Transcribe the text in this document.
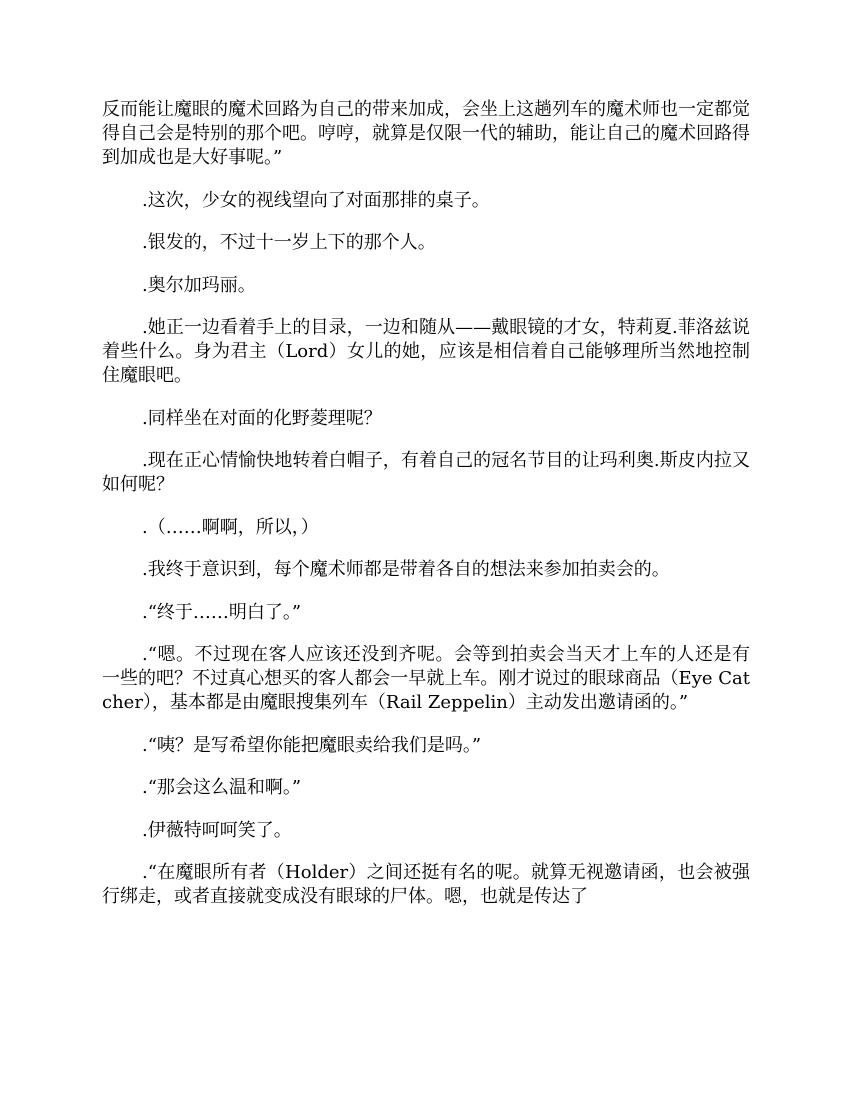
反而能让魔眼的魔术回路为自己的带来加成，会坐上这趟列车的魔术师也一定都觉得自己会是特别的那个吧。哼哼，就算是仅限一代的辅助，能让自己的魔术回路得到加成也是大好事呢。”

.这次，少女的视线望向了对面那排的桌子。

.银发的，不过十一岁上下的那个人。

.奥尔加玛丽。

.她正一边看着手上的目录，一边和随从——戴眼镜的才女，特莉夏.菲洛兹说着些什么。身为君主（Lord）女儿的她，应该是相信着自己能够理所当然地控制住魔眼吧。

.同样坐在对面的化野菱理呢？

.现在正心情愉快地转着白帽子，有着自己的冠名节目的让玛利奥.斯皮内拉又如何呢？

.（……啊啊，所以，）

.我终于意识到，每个魔术师都是带着各自的想法来参加拍卖会的。

.“终于……明白了。”

.“嗯。不过现在客人应该还没到齐呢。会等到拍卖会当天才上车的人还是有一些的吧？不过真心想买的客人都会一早就上车。刚才说过的眼球商品（Eye Catcher），基本都是由魔眼搜集列车（Rail Zeppelin）主动发出邀请函的。”

.“咦？是写希望你能把魔眼卖给我们是吗。”

.“那会这么温和啊。”

.伊薇特呵呵笑了。

.“在魔眼所有者（Holder）之间还挺有名的呢。就算无视邀请函，也会被强行绑走，或者直接就变成没有眼球的尸体。嗯，也就是传达了
